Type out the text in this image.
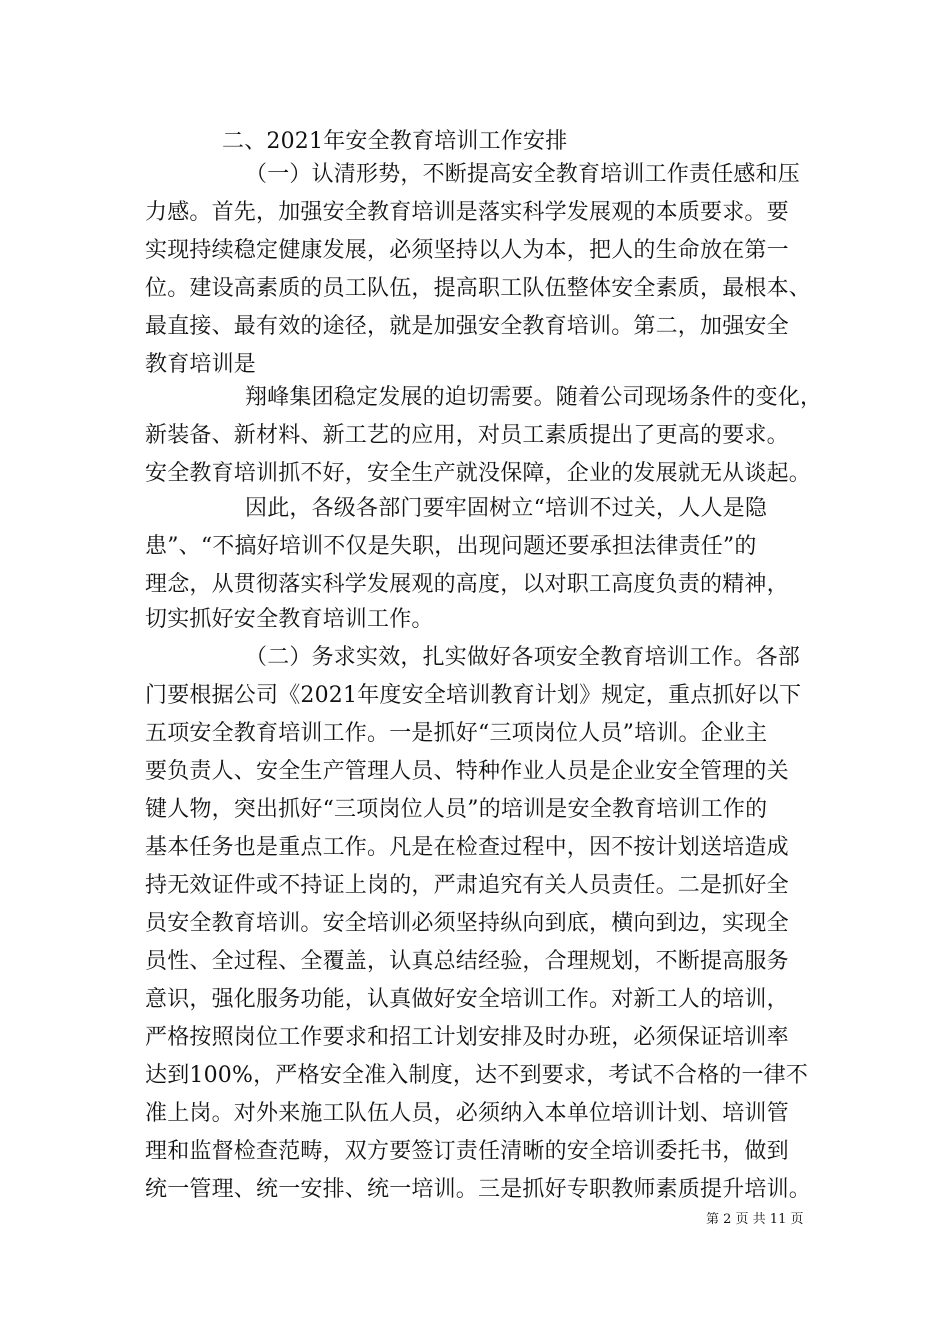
二、2021年安全教育培训工作安排
（一）认清形势，不断提高安全教育培训工作责任感和压
力感。首先，加强安全教育培训是落实科学发展观的本质要求。要
实现持续稳定健康发展，必须坚持以人为本，把人的生命放在第一
位。建设高素质的员工队伍，提高职工队伍整体安全素质，最根本、
最直接、最有效的途径，就是加强安全教育培训。第二，加强安全
教育培训是
翔峰集团稳定发展的迫切需要。随着公司现场条件的变化，
新装备、新材料、新工艺的应用，对员工素质提出了更高的要求。
安全教育培训抓不好，安全生产就没保障，企业的发展就无从谈起。
因此，各级各部门要牢固树立“培训不过关，人人是隐
患”、“不搞好培训不仅是失职，出现问题还要承担法律责任”的
理念，从贯彻落实科学发展观的高度，以对职工高度负责的精神，
切实抓好安全教育培训工作。
（二）务求实效，扎实做好各项安全教育培训工作。各部
门要根据公司《2021年度安全培训教育计划》规定，重点抓好以下
五项安全教育培训工作。一是抓好“三项岗位人员”培训。企业主
要负责人、安全生产管理人员、特种作业人员是企业安全管理的关
键人物，突出抓好“三项岗位人员”的培训是安全教育培训工作的
基本任务也是重点工作。凡是在检查过程中，因不按计划送培造成
持无效证件或不持证上岗的，严肃追究有关人员责任。二是抓好全
员安全教育培训。安全培训必须坚持纵向到底，横向到边，实现全
员性、全过程、全覆盖，认真总结经验，合理规划，不断提高服务
意识，强化服务功能，认真做好安全培训工作。对新工人的培训，
严格按照岗位工作要求和招工计划安排及时办班，必须保证培训率
达到100%，严格安全准入制度，达不到要求，考试不合格的一律不
准上岗。对外来施工队伍人员，必须纳入本单位培训计划、培训管
理和监督检查范畴，双方要签订责任清晰的安全培训委托书，做到
统一管理、统一安排、统一培训。三是抓好专职教师素质提升培训。
第 2 页 共 11 页
